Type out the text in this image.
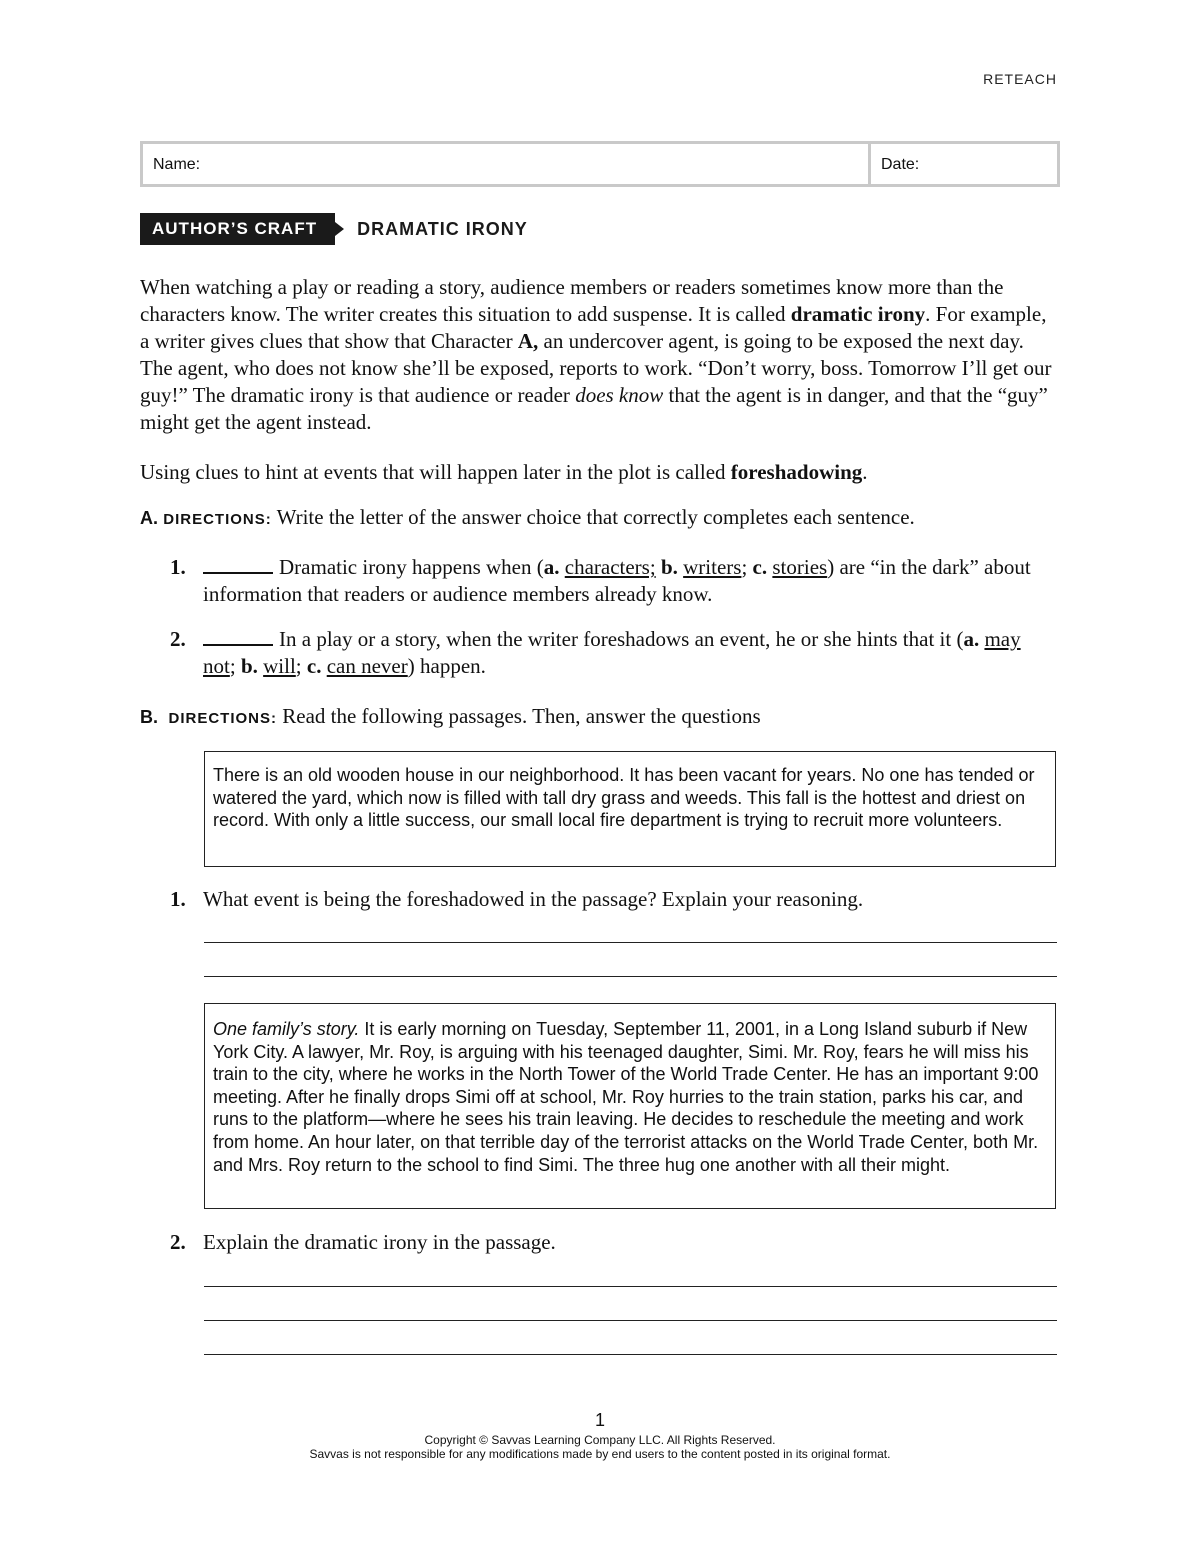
RETEACH
Name:	Date:
AUTHOR’S CRAFT	DRAMATIC IRONY

When watching a play or reading a story, audience members or readers sometimes know more than the characters know. The writer creates this situation to add suspense. It is called dramatic irony. For example, a writer gives clues that show that Character A, an undercover agent, is going to be exposed the next day. The agent, who does not know she’ll be exposed, reports to work. “Don’t worry, boss. Tomorrow I’ll get our guy!” The dramatic irony is that audience or reader does know that the agent is in danger, and that the “guy” might get the agent instead.

Using clues to hint at events that will happen later in the plot is called foreshadowing.

A. DIRECTIONS: Write the letter of the answer choice that correctly completes each sentence.
1.	Dramatic irony happens when (a. characters; b. writers; c. stories) are “in the dark” about information that readers or audience members already know.
2.	In a play or a story, when the writer foreshadows an event, he or she hints that it (a. may not; b. will; c. can never) happen.
B. DIRECTIONS: Read the following passages. Then, answer the questions
There is an old wooden house in our neighborhood. It has been vacant for years. No one has tended or watered the yard, which now is filled with tall dry grass and weeds. This fall is the hottest and driest on record. With only a little success, our small local fire department is trying to recruit more volunteers.
1. What event is being the foreshadowed in the passage? Explain your reasoning.
One family’s story. It is early morning on Tuesday, September 11, 2001, in a Long Island suburb if New York City. A lawyer, Mr. Roy, is arguing with his teenaged daughter, Simi. Mr. Roy, fears he will miss his train to the city, where he works in the North Tower of the World Trade Center. He has an important 9:00 meeting. After he finally drops Simi off at school, Mr. Roy hurries to the train station, parks his car, and runs to the platform—where he sees his train leaving. He decides to reschedule the meeting and work from home. An hour later, on that terrible day of the terrorist attacks on the World Trade Center, both Mr. and Mrs. Roy return to the school to find Simi. The three hug one another with all their might.
2. Explain the dramatic irony in the passage.
1
Copyright © Savvas Learning Company LLC. All Rights Reserved.
Savvas is not responsible for any modifications made by end users to the content posted in its original format.
